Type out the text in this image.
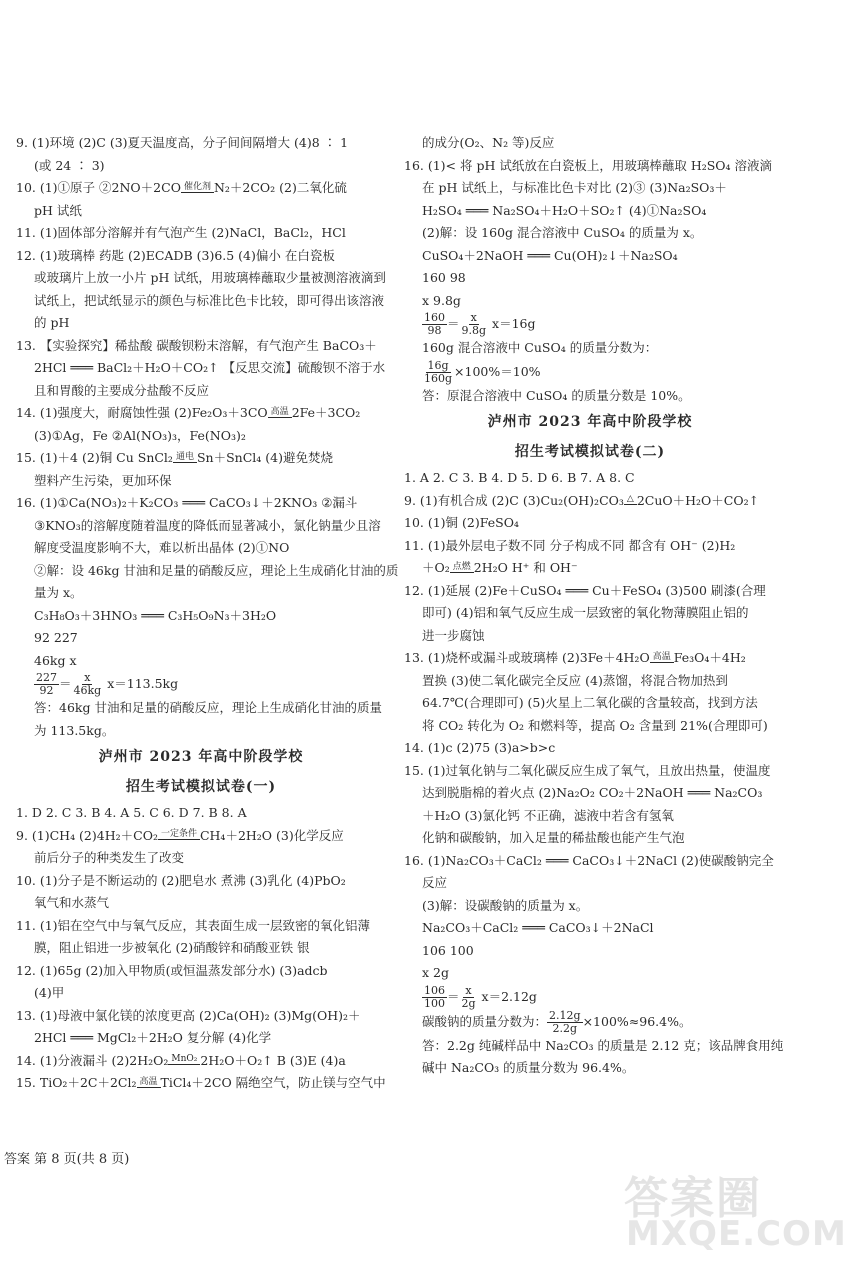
9. (1)环境 (2)C (3)夏天温度高，分子间间隔增大 (4)8 ∶ 1
(或 24 ∶ 3)
10. (1)①原子 ②2NO＋2CO 催化剂 N₂＋2CO₂ (2)二氧化硫
pH 试纸
11. (1)固体部分溶解并有气泡产生 (2)NaCl，BaCl₂，HCl
12. (1)玻璃棒 药匙 (2)ECADB (3)6.5 (4)偏小 在白瓷板
或玻璃片上放一小片 pH 试纸，用玻璃棒蘸取少量被测溶液滴到
试纸上，把试纸显示的颜色与标准比色卡比较，即可得出该溶液
的 pH
13. 【实验探究】稀盐酸 碳酸钡粉末溶解，有气泡产生 BaCO₃＋
2HCl ═══ BaCl₂＋H₂O＋CO₂↑ 【反思交流】硫酸钡不溶于水
且和胃酸的主要成分盐酸不反应
14. (1)强度大，耐腐蚀性强 (2)Fe₂O₃＋3CO 高温 2Fe＋3CO₂
(3)①Ag，Fe ②Al(NO₃)₃，Fe(NO₃)₂
15. (1)＋4 (2)铜 Cu SnCl₂ 通电 Sn＋SnCl₄ (4)避免焚烧
塑料产生污染，更加环保
16. (1)①Ca(NO₃)₂＋K₂CO₃ ═══ CaCO₃↓＋2KNO₃ ②漏斗
③KNO₃的溶解度随着温度的降低而显著减小，氯化钠量少且溶
解度受温度影响不大，难以析出晶体 (2)①NO
②解：设 46kg 甘油和足量的硝酸反应，理论上生成硝化甘油的质
量为 x。
C₃H₈O₃＋3HNO₃ ═══ C₃H₅O₉N₃＋3H₂O
92 227
46kg x
$\frac{227}{92} = \frac{x}{46kg} x=113.5kg$
答：46kg 甘油和足量的硝酸反应，理论上生成硝化甘油的质量
为 113.5kg。
泸州市 2023 年高中阶段学校
招生考试模拟试卷(一)
1. D 2. C 3. B 4. A 5. C 6. D 7. B 8. A
9. (1)CH₄ (2)4H₂＋CO₂ 一定条件 CH₄＋2H₂O (3)化学反应
前后分子的种类发生了改变
10. (1)分子是不断运动的 (2)肥皂水 煮沸 (3)乳化 (4)PbO₂
氧气和水蒸气
11. (1)铝在空气中与氧气反应，其表面生成一层致密的氧化铝薄
膜，阻止铝进一步被氧化 (2)硝酸锌和硝酸亚铁 银
12. (1)65g (2)加入甲物质(或恒温蒸发部分水) (3)adcb
(4)甲
13. (1)母液中氯化镁的浓度更高 (2)Ca(OH)₂ (3)Mg(OH)₂＋
2HCl ═══ MgCl₂＋2H₂O 复分解 (4)化学
14. (1)分液漏斗 (2)2H₂O₂ MnO₂ 2H₂O＋O₂↑ B (3)E (4)a
15. TiO₂＋2C＋2Cl₂ 高温 TiCl₄＋2CO 隔绝空气，防止镁与空气中
的成分(O₂、N₂ 等)反应
16. (1)< 将 pH 试纸放在白瓷板上，用玻璃棒蘸取 H₂SO₄ 溶液滴
在 pH 试纸上，与标准比色卡对比 (2)③ (3)Na₂SO₃＋
H₂SO₄ ═══ Na₂SO₄＋H₂O＋SO₂↑ (4)①Na₂SO₄
(2)解：设 160g 混合溶液中 CuSO₄ 的质量为 x。
CuSO₄＋2NaOH ═══ Cu(OH)₂↓＋Na₂SO₄
160 98
x 9.8g
$\frac{160}{98} = \frac{x}{9.8g} x=16g$
160g 混合溶液中 CuSO₄ 的质量分数为：
$\frac{16g}{160g} \times 100\%=10\%$
答：原混合溶液中 CuSO₄ 的质量分数是 10%。
泸州市 2023 年高中阶段学校
招生考试模拟试卷(二)
1. A 2. C 3. B 4. D 5. D 6. B 7. A 8. C
9. (1)有机合成 (2)C (3)Cu₂(OH)₂CO₃ △ 2CuO＋H₂O＋CO₂↑
10. (1)铜 (2)FeSO₄
11. (1)最外层电子数不同 分子构成不同 都含有 OH⁻ (2)H₂
＋O₂ 点燃 2H₂O H⁺ 和 OH⁻
12. (1)延展 (2)Fe＋CuSO₄ ═══ Cu＋FeSO₄ (3)500 刷漆(合理
即可) (4)铝和氧气反应生成一层致密的氧化物薄膜阻止铝的
进一步腐蚀
13. (1)烧杯或漏斗或玻璃棒 (2)3Fe＋4H₂O 高温 Fe₃O₄＋4H₂
置换 (3)使二氧化碳完全反应 (4)蒸馏，将混合物加热到
64.7℃(合理即可) (5)火星上二氧化碳的含量较高，找到方法
将 CO₂ 转化为 O₂ 和燃料等，提高 O₂ 含量到 21%(合理即可)
14. (1)c (2)75 (3)a>b>c
15. (1)过氧化钠与二氧化碳反应生成了氧气，且放出热量，使温度
达到脱脂棉的着火点 (2)Na₂O₂ CO₂＋2NaOH ═══ Na₂CO₃
＋H₂O (3)氯化钙 不正确，滤液中若含有氢氧
化钠和碳酸钠，加入足量的稀盐酸也能产生气泡
16. (1)Na₂CO₃＋CaCl₂ ═══ CaCO₃↓＋2NaCl (2)使碳酸钠完全
反应
(3)解：设碳酸钠的质量为 x。
Na₂CO₃＋CaCl₂ ═══ CaCO₃↓＋2NaCl
106 100
x 2g
$\frac{106}{100} = \frac{x}{2g} x=2.12g$
碳酸钠的质量分数为： $\frac{2.12g}{2.2g} \times 100\%\approx 96.4\%$。
答：2.2g 纯碱样品中 Na₂CO₃ 的质量是 2.12 克；该品牌食用纯
碱中 Na₂CO₃ 的质量分数为 96.4%。
答案 第 8 页(共 8 页)
答案圈
MXQE.COM
